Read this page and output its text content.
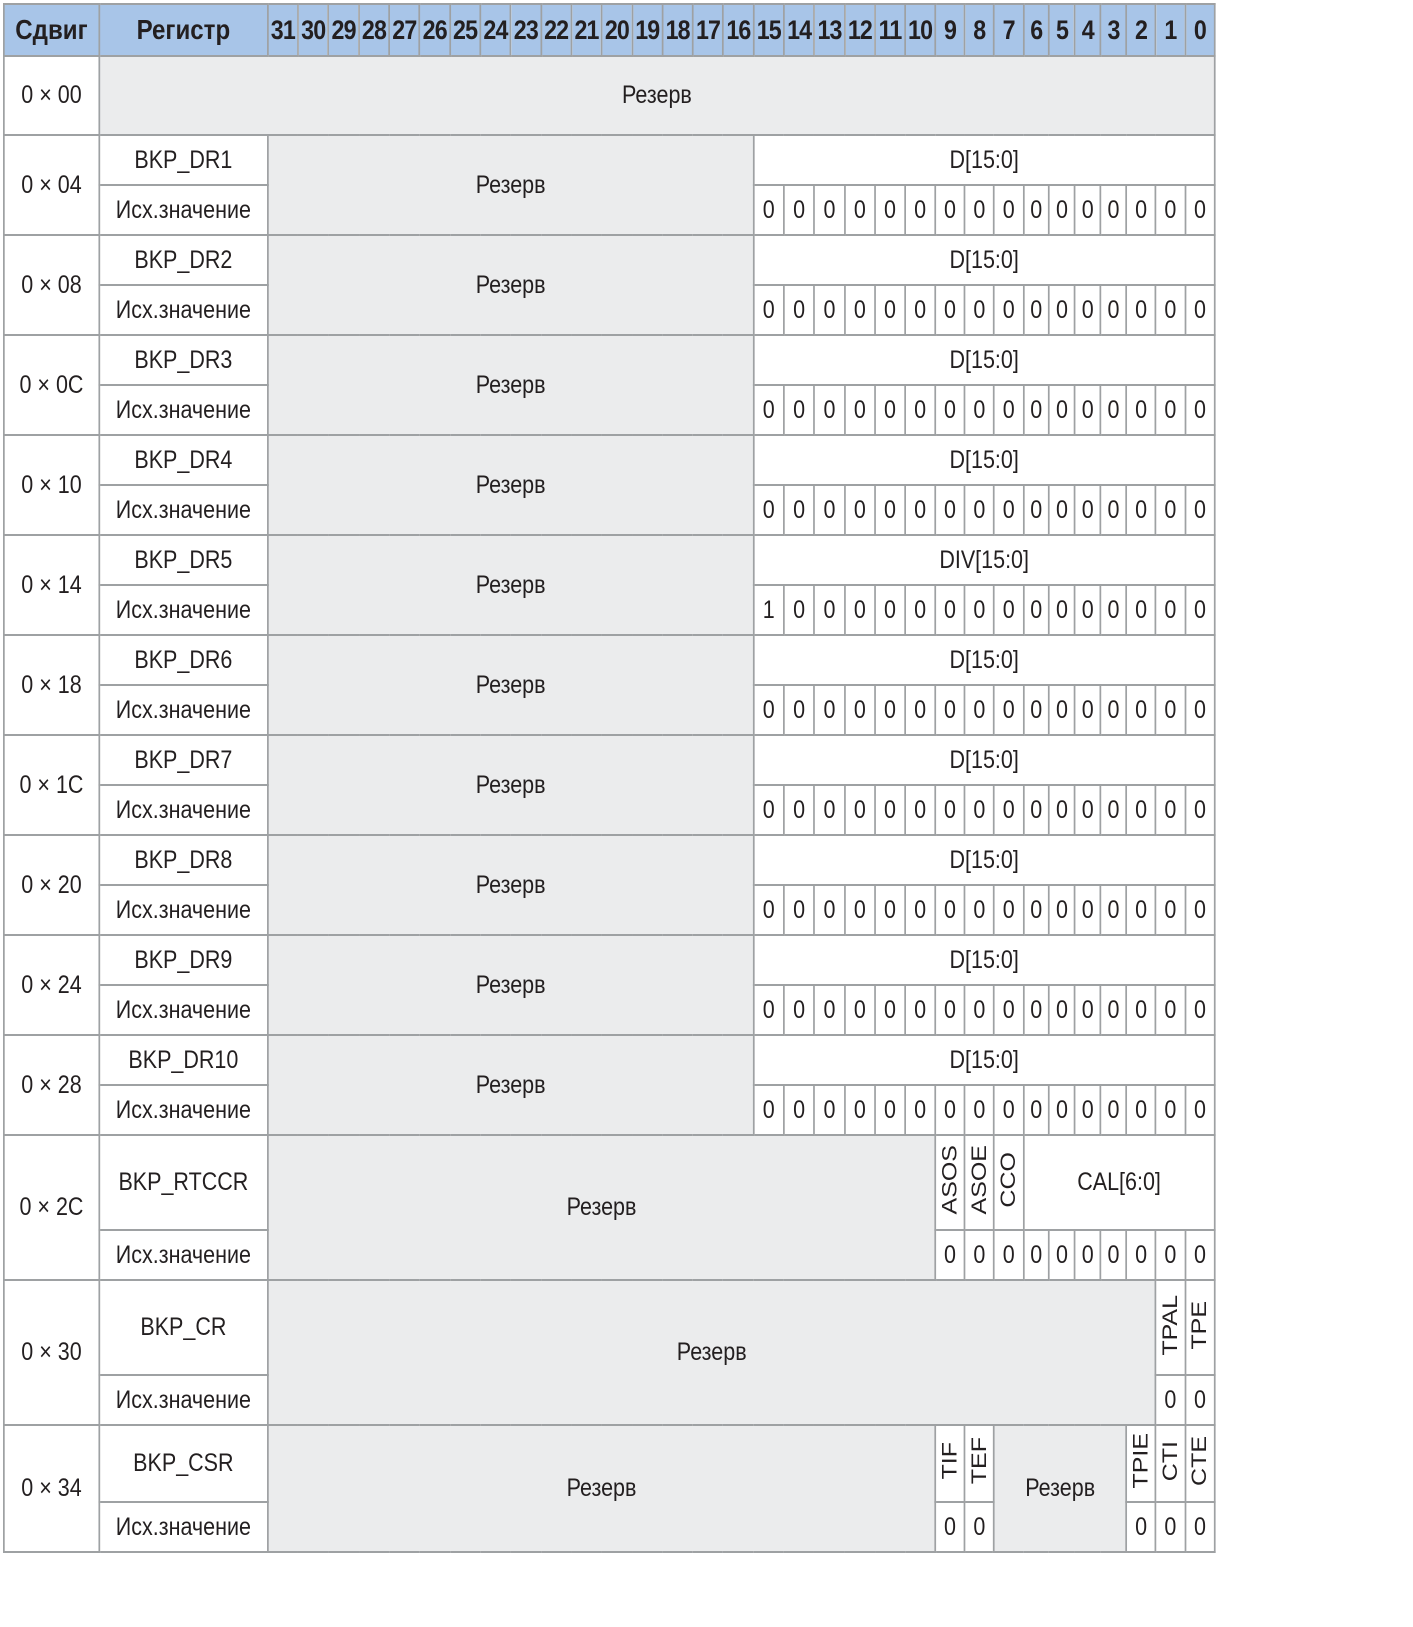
Сдвиг	Регистр	31	30	29	28	27	26	25	24	23	22	21	20	19	18	17	16	15	14	13	12	11	10	9	8	7	6	5	4	3	2	1	0
0 × 00	Резерв																																
0 × 04	BKP_DR1	Резерв																D[15:0]															
	Исх.значение																	0	0	0	0	0	0	0	0	0	0	0	0	0	0	0	0
0 × 08	BKP_DR2	Резерв																D[15:0]															
	Исх.значение																	0	0	0	0	0	0	0	0	0	0	0	0	0	0	0	0
0 × 0C	BKP_DR3	Резерв																D[15:0]															
	Исх.значение																	0	0	0	0	0	0	0	0	0	0	0	0	0	0	0	0
0 × 10	BKP_DR4	Резерв																D[15:0]															
	Исх.значение																	0	0	0	0	0	0	0	0	0	0	0	0	0	0	0	0
0 × 14	BKP_DR5	Резерв																DIV[15:0]															
	Исх.значение																	1	0	0	0	0	0	0	0	0	0	0	0	0	0	0	0
0 × 18	BKP_DR6	Резерв																D[15:0]															
	Исх.значение																	0	0	0	0	0	0	0	0	0	0	0	0	0	0	0	0
0 × 1C	BKP_DR7	Резерв																D[15:0]															
	Исх.значение																	0	0	0	0	0	0	0	0	0	0	0	0	0	0	0	0
0 × 20	BKP_DR8	Резерв																D[15:0]															
	Исх.значение																	0	0	0	0	0	0	0	0	0	0	0	0	0	0	0	0
0 × 24	BKP_DR9	Резерв																D[15:0]															
	Исх.значение																	0	0	0	0	0	0	0	0	0	0	0	0	0	0	0	0
0 × 28	BKP_DR10	Резерв																D[15:0]															
	Исх.значение																	0	0	0	0	0	0	0	0	0	0	0	0	0	0	0	0
0 × 2C	BKP_RTCCR	Резерв																						ASOS	ASOE	CCO	CAL[6:0]						
	Исх.значение																							0	0	0	0	0	0	0	0	0	0
0 × 30	BKP_CR	Резерв																														TPAL	TPE
	Исх.значение																															0	0
0 × 34	BKP_CSR	Резерв																						TIF	TEF	Резерв					TPIE	CTI	CTE
	Исх.значение																							0	0						0	0	0
